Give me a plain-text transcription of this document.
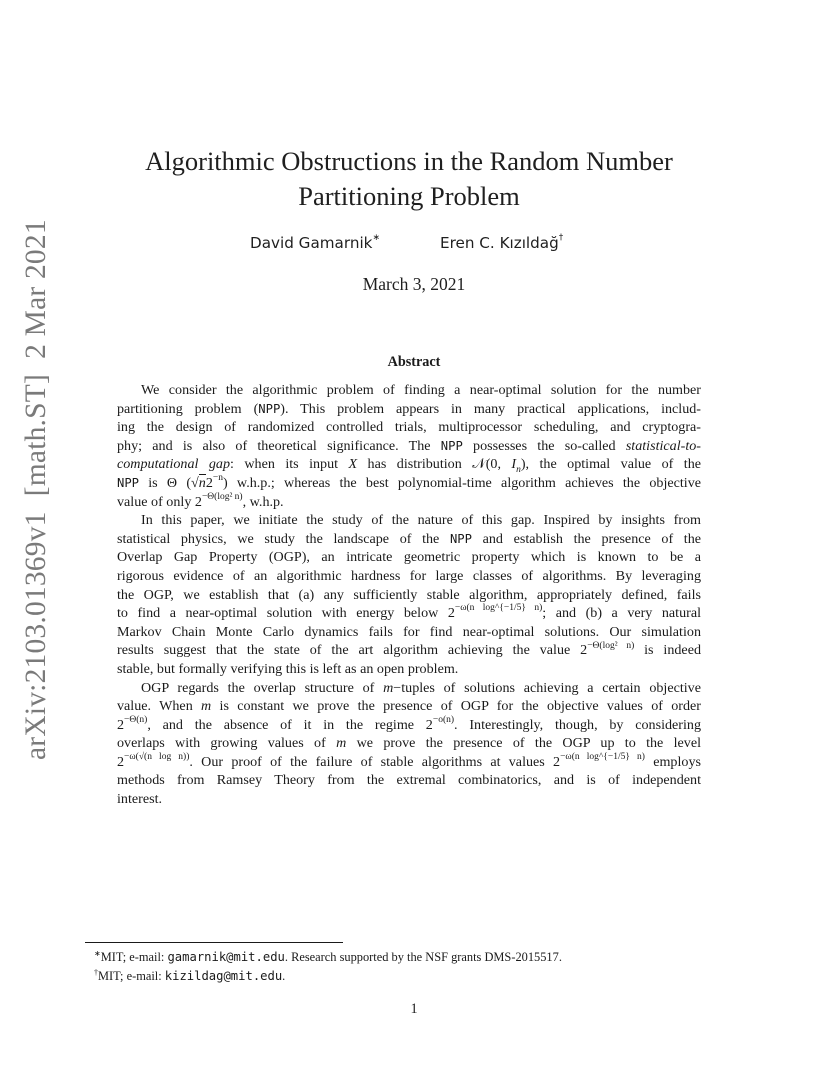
arXiv:2103.01369v1  [math.ST]  2 Mar 2021
Algorithmic Obstructions in the Random Number
Partitioning Problem
David Gamarnik∗	Eren C. Kızıldağ†
March 3, 2021
Abstract
We consider the algorithmic problem of finding a near-optimal solution for the number
partitioning problem (NPP). This problem appears in many practical applications, includ-
ing the design of randomized controlled trials, multiprocessor scheduling, and cryptogra-
phy; and is also of theoretical significance. The NPP possesses the so-called statistical-to-
computational gap: when its input X has distribution 𝒩(0, $I_n$), the optimal value of the
NPP is Θ $(√n2^{-n})$ w.h.p.; whereas the best polynomial-time algorithm achieves the objective
value of only $2^{-\Theta(log^2 n)}$, w.h.p.
In this paper, we initiate the study of the nature of this gap. Inspired by insights from
statistical physics, we study the landscape of the NPP and establish the presence of the
Overlap Gap Property (OGP), an intricate geometric property which is known to be a
rigorous evidence of an algorithmic hardness for large classes of algorithms. By leveraging
the OGP, we establish that (a) any sufficiently stable algorithm, appropriately defined, fails
to find a near-optimal solution with energy below $2^{-\omega(n log\^{}\{-1/5\} n)}$; and (b) a very natural
Markov Chain Monte Carlo dynamics fails for find near-optimal solutions. Our simulation
results suggest that the state of the art algorithm achieving the value $2^{-\Theta(log^2 n)}$ is indeed
stable, but formally verifying this is left as an open problem.
OGP regards the overlap structure of m−tuples of solutions achieving a certain objective
value. When m is constant we prove the presence of OGP for the objective values of order
$2^{-\Theta(n)}$, and the absence of it in the regime $2^{-o(n)}$. Interestingly, though, by considering
overlaps with growing values of m we prove the presence of the OGP up to the level
$2^{-\omega(√(n log n))}$. Our proof of the failure of stable algorithms at values $2^{-\omega(n log\^{}\{-1/5\} n)}$ employs
methods from Ramsey Theory from the extremal combinatorics, and is of independent
interest.
∗MIT; e-mail: gamarnik@mit.edu. Research supported by the NSF grants DMS-2015517.
†MIT; e-mail: kizildag@mit.edu.
1
